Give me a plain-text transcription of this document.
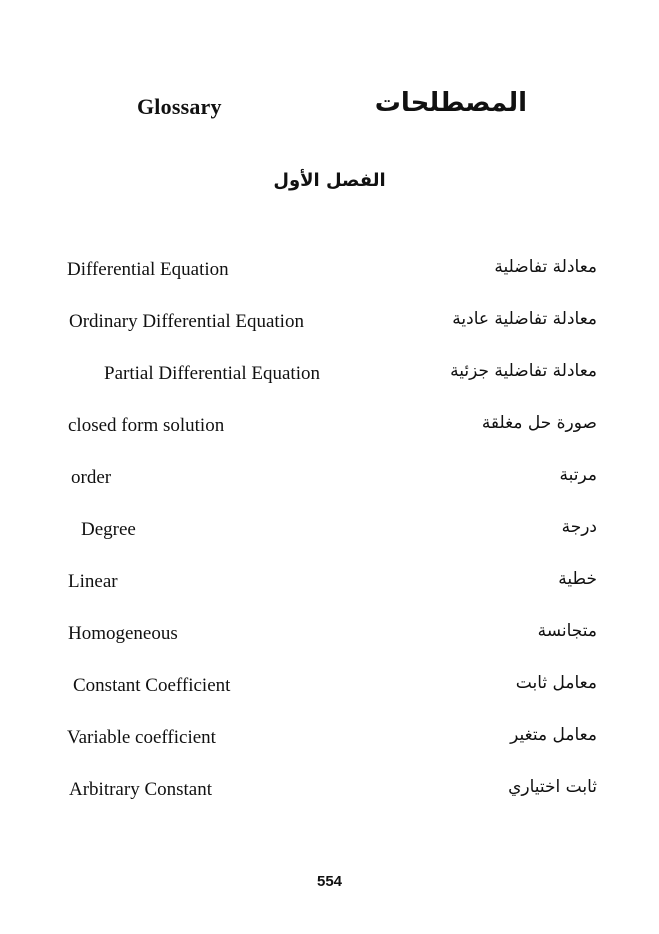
Glossary	المصطلحات
الفصل الأول
Differential Equation	معادلة تفاضلية
Ordinary Differential Equation	معادلة تفاضلية عادية
Partial Differential Equation	معادلة تفاضلية جزئية
closed form solution	صورة حل مغلقة
order	مرتبة
Degree	درجة
Linear	خطية
Homogeneous	متجانسة
Constant Coefficient	معامل ثابت
Variable coefficient	معامل متغير
Arbitrary Constant	ثابت اختياري
554
